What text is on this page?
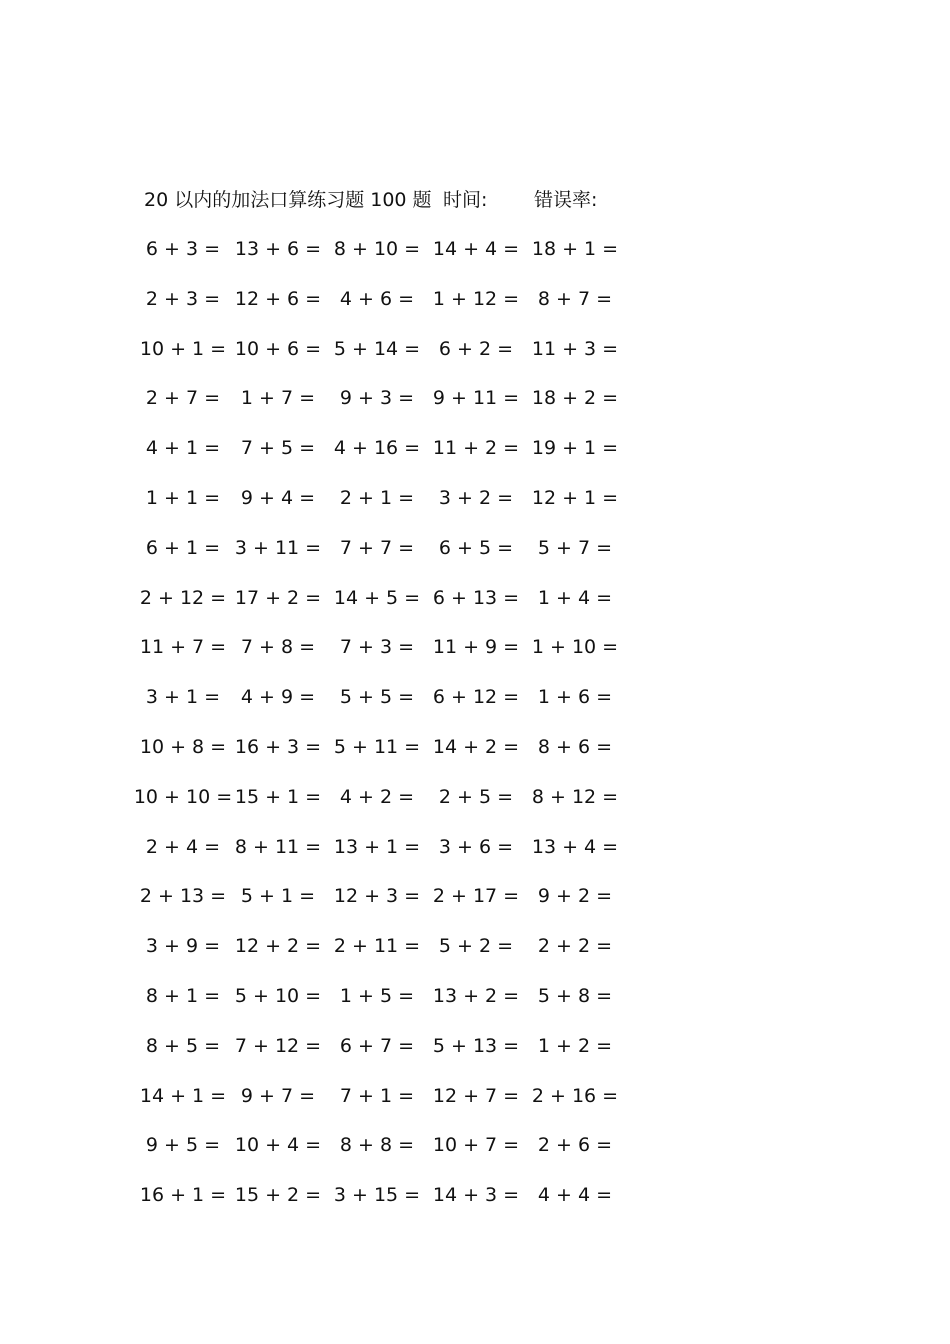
20 以内的加法口算练习题 100 题 时间: 错误率:
6 + 3 = 13 + 6 = 8 + 10 = 14 + 4 = 18 + 1 =
2 + 3 = 12 + 6 = 4 + 6 = 1 + 12 = 8 + 7 =
10 + 1 = 10 + 6 = 5 + 14 = 6 + 2 = 11 + 3 =
2 + 7 =	1 + 7 =	9 + 3 = 9 + 11 = 18 + 2 =
4 + 1 =	7 + 5 = 4 + 16 = 11 + 2 = 19 + 1 =
1 + 1 =	9 + 4 =	2 + 1 =	3 + 2 = 12 + 1 =
6 + 1 = 3 + 11 = 7 + 7 =	6 + 5 =	5 + 7 =
2 + 12 = 17 + 2 = 14 + 5 = 6 + 13 = 1 + 4 =
11 + 7 = 7 + 8 =	7 + 3 = 11 + 9 = 1 + 10 =
3 + 1 =	4 + 9 =	5 + 5 = 6 + 12 = 1 + 6 =
10 + 8 = 16 + 3 = 5 + 11 = 14 + 2 = 8 + 6 =
10 + 10 = 15 + 1 = 4 + 2 =	2 + 5 = 8 + 12 =
2 + 4 = 8 + 11 = 13 + 1 = 3 + 6 = 13 + 4 =
2 + 13 = 5 + 1 = 12 + 3 = 2 + 17 = 9 + 2 =
3 + 9 = 12 + 2 = 2 + 11 = 5 + 2 =	2 + 2 =
8 + 1 = 5 + 10 = 1 + 5 = 13 + 2 = 5 + 8 =
8 + 5 = 7 + 12 = 6 + 7 = 5 + 13 = 1 + 2 =
14 + 1 = 9 + 7 =	7 + 1 = 12 + 7 = 2 + 16 =
9 + 5 = 10 + 4 = 8 + 8 = 10 + 7 = 2 + 6 =
16 + 1 = 15 + 2 = 3 + 15 = 14 + 3 = 4 + 4 =
